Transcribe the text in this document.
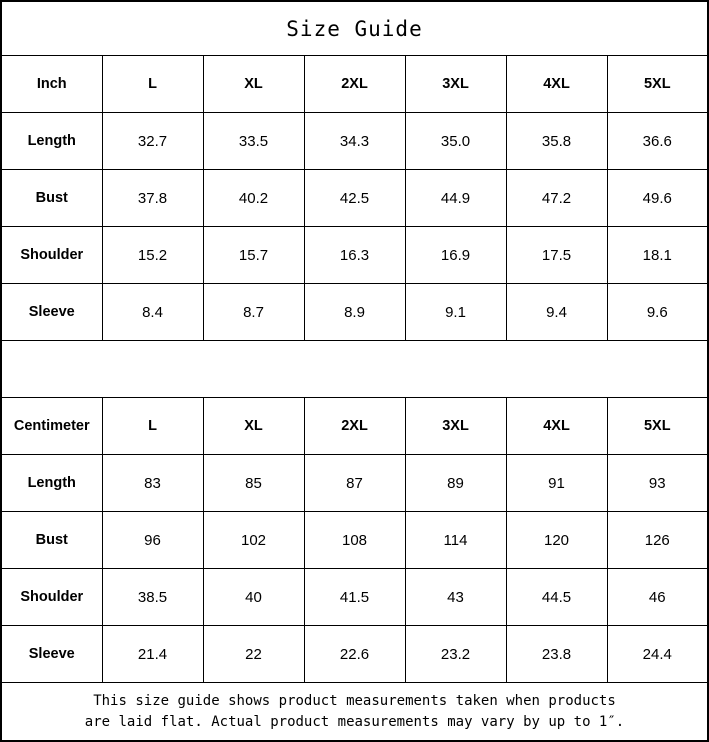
Size Guide						
Inch	L	XL	2XL	3XL	4XL	5XL
Length	32.7	33.5	34.3	35.0	35.8	36.6
Bust	37.8	40.2	42.5	44.9	47.2	49.6
Shoulder	15.2	15.7	16.3	16.9	17.5	18.1
Sleeve	8.4	8.7	8.9	9.1	9.4	9.6

Centimeter	L	XL	2XL	3XL	4XL	5XL
Length	83	85	87	89	91	93
Bust	96	102	108	114	120	126
Shoulder	38.5	40	41.5	43	44.5	46
Sleeve	21.4	22	22.6	23.2	23.8	24.4

This size guide shows product measurements taken when products
are laid flat. Actual product measurements may vary by up to 1″.						
